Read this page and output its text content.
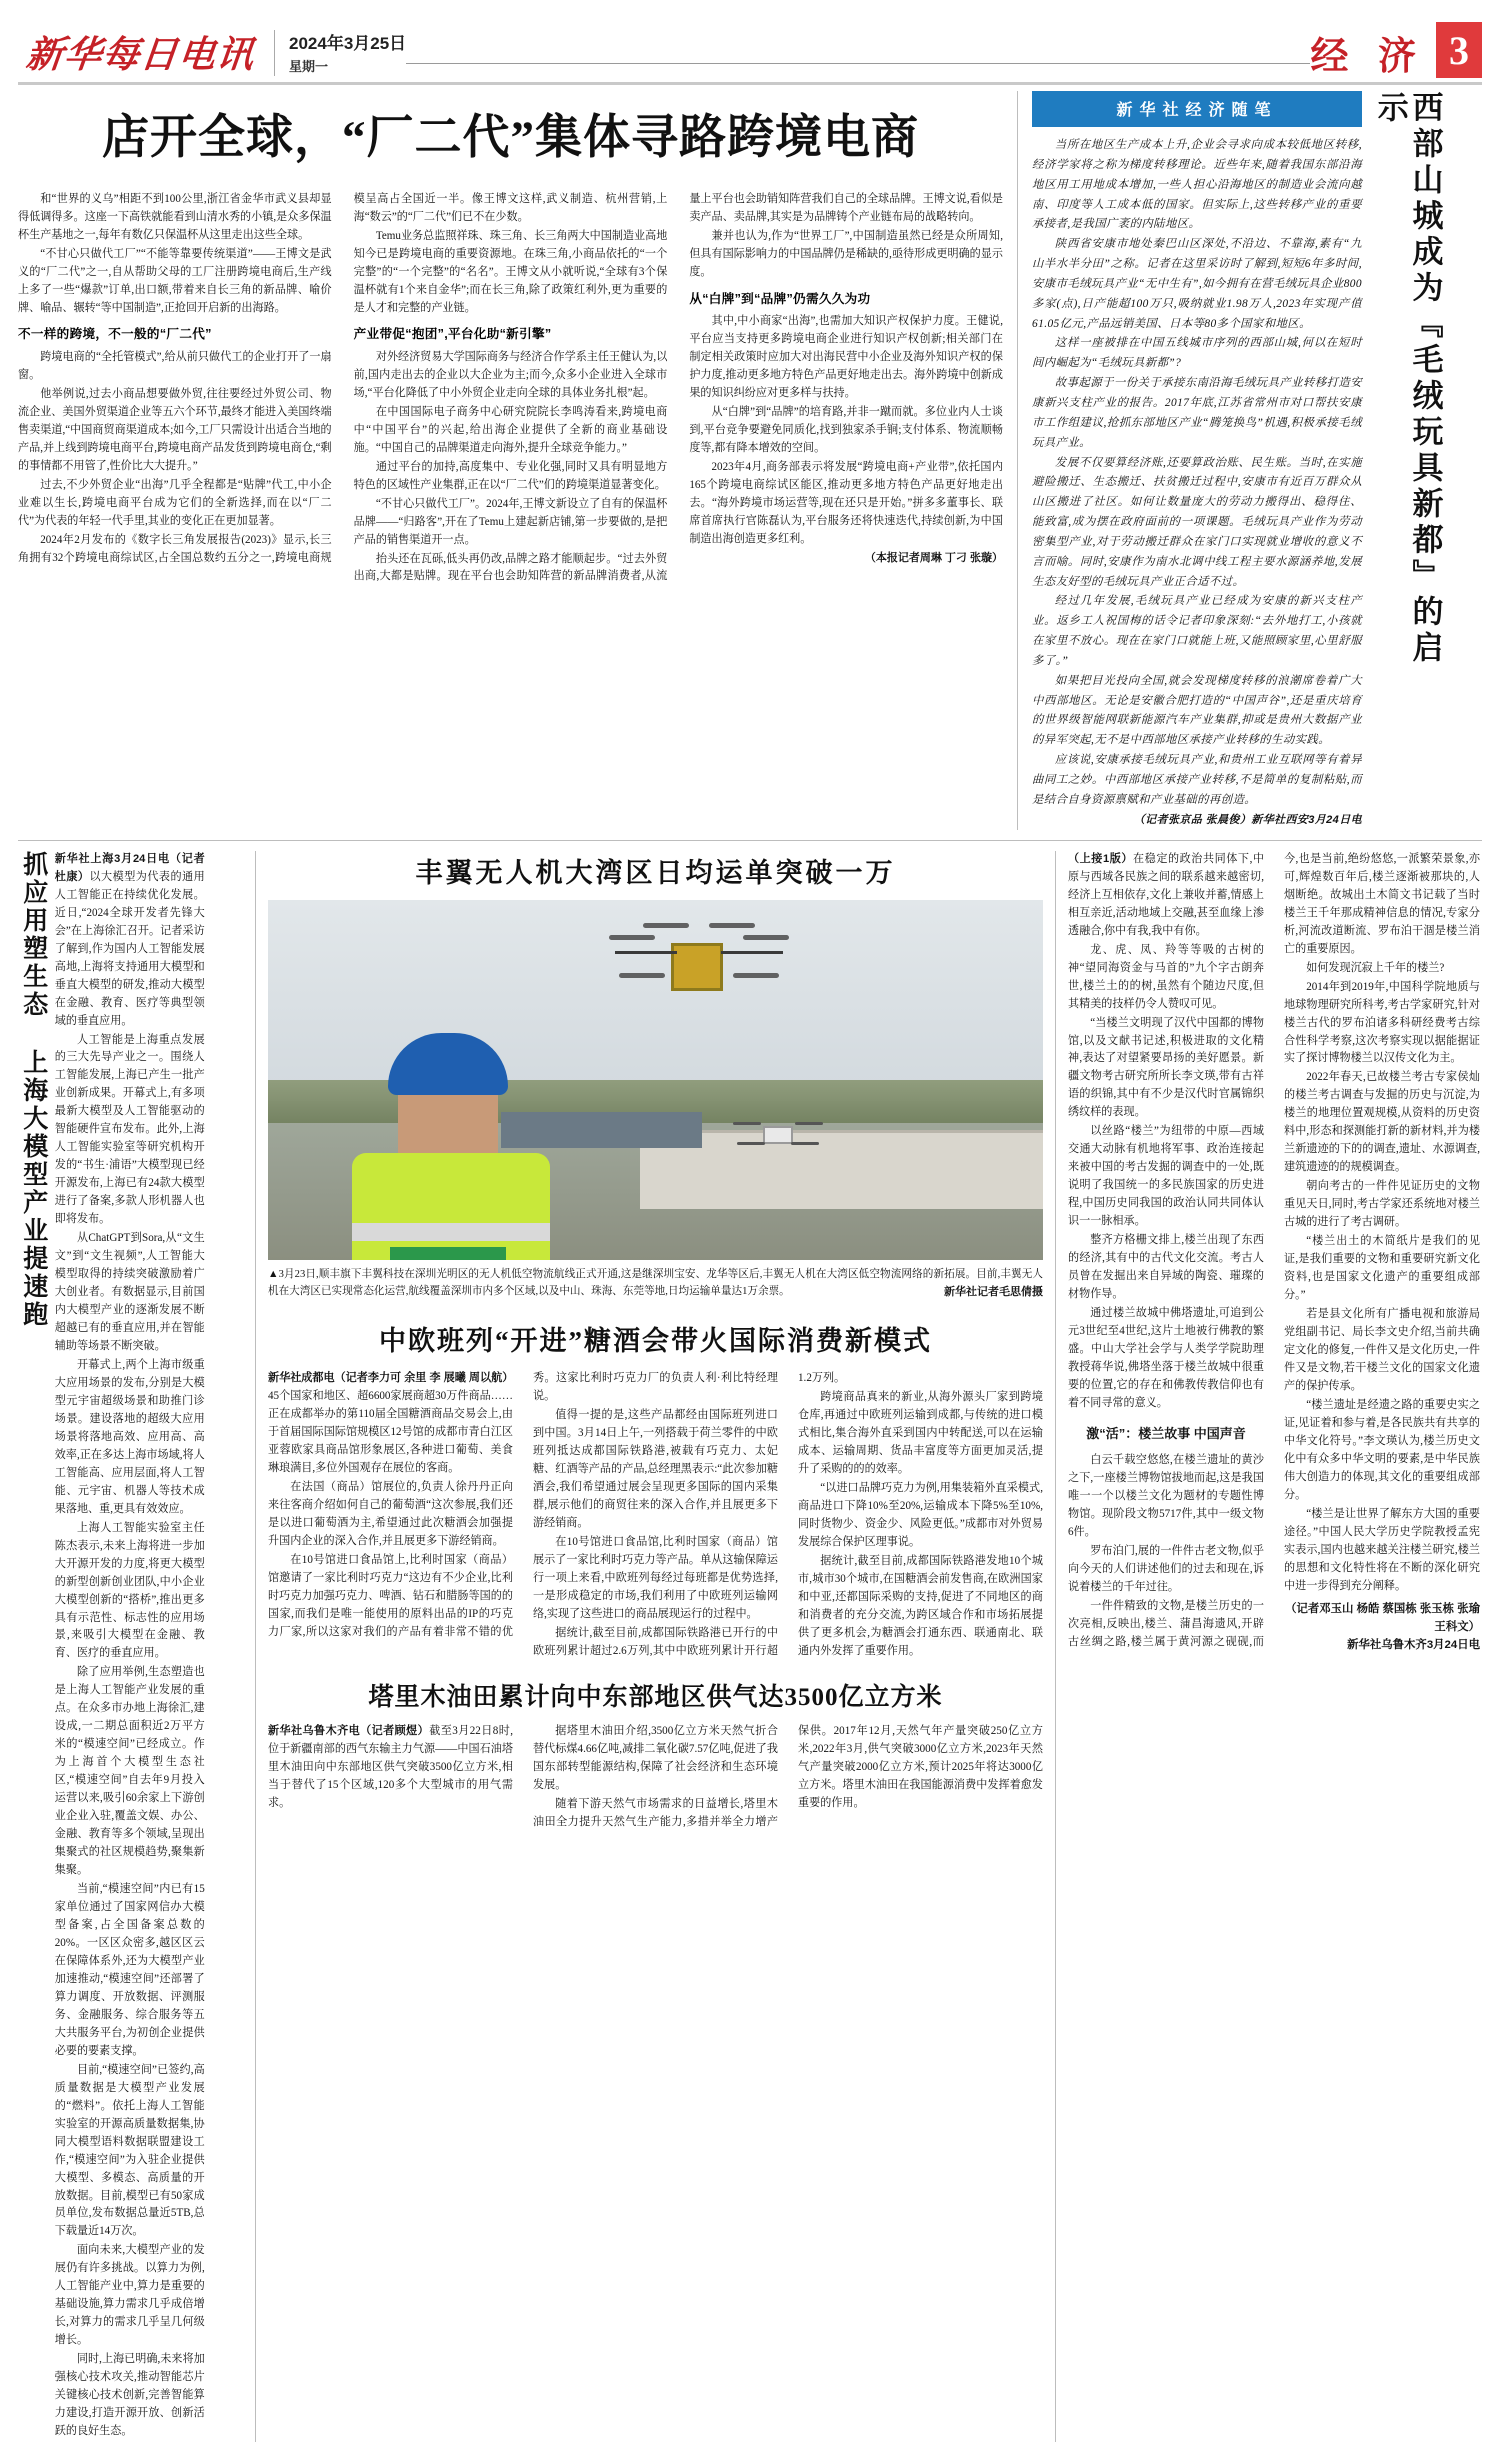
新华每日电讯	2024年3月25日
星期一	经 济 3
店开全球，“厂二代”集体寻路跨境电商

和“世界的义乌”相距不到100公里,浙江省金华市武义县却显得低调得多。这座一下高铁就能看到山清水秀的小镇,是众多保温杯生产基地之一,每年有数亿只保温杯从这里走出这些全球。

“不甘心只做代工厂”“不能等靠要传统渠道”——王博文是武义的“厂二代”之一,自从帮助父母的工厂注册跨境电商后,生产线上多了一些“爆款”订单,出口额,带着来自长三角的新品牌、喻价牌、喻品、辗转“等中国制造”,正抢回开启新的出海路。

不一样的跨境，不一般的“厂二代”

跨境电商的“全托管模式”,给从前只做代工的企业打开了一扇窗。

他举例说,过去小商品想要做外贸,往往要经过外贸公司、物流企业、美国外贸渠道企业等五六个环节,最终才能进入美国终端售卖渠道,“中国商贸商渠道成本;如今,工厂只需设计出适合当地的产品,并上线到跨境电商平台,跨境电商产品发货到跨境电商仓,“剩的事情都不用管了,性价比大大提升。”

过去,不少外贸企业“出海”几乎全程都是“贴牌”代工,中小企业难以生长,跨境电商平台成为它们的全新选择,而在以“厂二代”为代表的年轻一代手里,其业的变化正在更加显著。

2024年2月发布的《数字长三角发展报告(2023)》显示,长三角拥有32个跨境电商综试区,占全国总数约五分之一,跨境电商规模呈高占全国近一半。像王博文这样,武义制造、杭州营销,上海“数云”的“厂二代”们已不在少数。

Temu业务总监照祥珠、珠三角、长三角两大中国制造业高地知今已是跨境电商的重要资源地。在珠三角,小商品依托的“一个完整”的“一个完整”的“名名”。王博文从小就听说,“全球有3个保温杯就有1个来自金华”;而在长三角,除了政策红利外,更为重要的是人才和完整的产业链。

产业带促“抱团”,平台化助“新引擎”

对外经济贸易大学国际商务与经济合作学系主任王健认为,以前,国内走出去的企业以大企业为主;而今,众多小企业进入全球市场,“平台化降低了中小外贸企业走向全球的具体业务扎根”起。

在中国国际电子商务中心研究院院长李鸣涛看来,跨境电商中“中国平台”的兴起,给出海企业提供了全新的商业基础设施。“中国自己的品牌渠道走向海外,提升全球竞争能力。”

通过平台的加持,高度集中、专业化强,同时又具有明显地方特色的区域性产业集群,正在以“厂二代”们的跨境渠道显著变化。

“不甘心只做代工厂”。2024年,王博文新设立了自有的保温杯品牌——“归路客”,开在了Temu上建起新店铺,第一步要做的,是把产品的销售渠道开一点。

抬头还在瓦砾,低头再仍改,品牌之路才能顺起步。“过去外贸出商,大都是贴牌。现在平台也会助知阵营的新品牌消费者,从流量上平台也会助销知阵营我们自己的全球品牌。王博文说,看似是卖产品、卖品牌,其实是为品牌铸个产业链布局的战略转向。

兼并也认为,作为“世界工厂”,中国制造虽然已经是众所周知,但具有国际影响力的中国品牌仍是稀缺的,亟待形成更明确的显示度。

从“白牌”到“品牌”仍需久久为功

其中,中小商家“出海”,也需加大知识产权保护力度。王健说,平台应当支持更多跨境电商企业进行知识产权创新;相关部门在制定相关政策时应加大对出海民营中小企业及海外知识产权的保护力度,推动更多地方特色产品更好地走出去。海外跨境中创新成果的知识纠纷应对更多样与扶持。

从“白牌”到“品牌”的培育路,并非一蹴而就。多位业内人士谈到,平台竞争要避免同质化,找到独家杀手锏;支付体系、物流顺畅度等,都有降本增效的空间。

2023年4月,商务部表示将发展“跨境电商+产业带”,依托国内165个跨境电商综试区能区,推动更多地方特色产品更好地走出去。“海外跨境市场运营等,现在还只是开始。”拼多多董事长、联席首席执行官陈磊认为,平台服务还将快速迭代,持续创新,为中国制造出海创造更多红利。

（本报记者周琳 丁刁 张璇）

新华社经济随笔

当所在地区生产成本上升,企业会寻求向成本较低地区转移,经济学家将之称为梯度转移理论。近些年来,随着我国东部沿海地区用工用地成本增加,一些人担心沿海地区的制造业会流向越南、印度等人工成本低的国家。但实际上,这些转移产业的重要承接者,是我国广袤的内陆地区。

陕西省安康市地处秦巴山区深处,不沿边、不靠海,素有“九山半水半分田”之称。记者在这里采访时了解到,短短6年多时间,安康市毛绒玩具产业“无中生有”,如今拥有在营毛绒玩具企业800多家(点),日产能超100万只,吸纳就业1.98万人,2023年实现产值61.05亿元,产品远销美国、日本等80多个国家和地区。

这样一座被排在中国五线城市序列的西部山城,何以在短时间内崛起为“毛绒玩具新都”?

故事起源于一份关于承接东南沿海毛绒玩具产业转移打造安康新兴支柱产业的报告。2017年底,江苏省常州市对口帮扶安康市工作组建议,抢抓东部地区产业“腾笼换鸟”机遇,积极承接毛绒玩具产业。

发展不仅要算经济账,还要算政治账、民生账。当时,在实施避险搬迁、生态搬迁、扶贫搬迁过程中,安康市有近百万群众从山区搬进了社区。如何让数量庞大的劳动力搬得出、稳得住、能致富,成为摆在政府面前的一项课题。毛绒玩具产业作为劳动密集型产业,对于劳动搬迁群众在家门口实现就业增收的意义不言而喻。同时,安康作为南水北调中线工程主要水源涵养地,发展生态友好型的毛绒玩具产业正合适不过。

经过几年发展,毛绒玩具产业已经成为安康的新兴支柱产业。返乡工人祝国梅的话令记者印象深刻:“去外地打工,小孩就在家里不放心。现在在家门口就能上班,又能照顾家里,心里舒服多了。”

如果把目光投向全国,就会发现梯度转移的浪潮席卷着广大中西部地区。无论是安徽合肥打造的“中国声谷”,还是重庆培育的世界级智能网联新能源汽车产业集群,抑或是贵州大数据产业的异军突起,无不是中西部地区承接产业转移的生动实践。

应该说,安康承接毛绒玩具产业,和贵州工业互联网等有着异曲同工之妙。中西部地区承接产业转移,不是简单的复制粘贴,而是结合自身资源禀赋和产业基础的再创造。

（记者张京品 张晨俊）新华社西安3月24日电

西部山城成为『毛绒玩具新都』的启示
抓应用塑生态 上海大模型产业提速跑 新华社上海3月24日电（记者杜康）以大模型为代表的通用人工智能正在持续优化发展。近日,“2024全球开发者先锋大会”在上海徐汇召开。记者采访了解到,作为国内人工智能发展高地,上海将支持通用大模型和垂直大模型的研发,推动大模型在金融、教育、医疗等典型领域的垂直应用。

人工智能是上海重点发展的三大先导产业之一。围绕人工智能发展,上海已产生一批产业创新成果。开幕式上,有多项最新大模型及人工智能驱动的智能硬件宣布发布。此外,上海人工智能实验室等研究机构开发的“书生·浦语”大模型现已经开源发布,上海已有24款大模型进行了备案,多款人形机器人也即将发布。

从ChatGPT到Sora,从“文生文”到“文生视频”,人工智能大模型取得的持续突破激励着广大创业者。有数据显示,目前国内大模型产业的逐渐发展不断超越已有的垂直应用,并在智能辅助等场景不断突破。

开幕式上,两个上海市级重大应用场景的发布,分别是大模型元宇宙超级场景和助推门诊场景。建设落地的超级大应用场景将落地高效、应用高、高效率,正在多达上海市场域,将人工智能高、应用层面,将人工智能、元宇宙、机器人等技术成果落地、重,更具有效效应。

上海人工智能实验室主任陈杰表示,未来上海将进一步加大开源开发的力度,将更大模型的新型创新创业团队,中小企业大模型创新的“搭桥”,推出更多具有示范性、标志性的应用场景,来吸引大模型在金融、教育、医疗的垂直应用。

除了应用举例,生态塑造也是上海人工智能产业发展的重点。在众多市办地上海徐汇,建设成,一二期总面积近2万平方米的“模速空间”已经成立。作为上海首个大模型生态社区,“模速空间”自去年9月投入运营以来,吸引60余家上下游创业企业入驻,覆盖文娱、办公、金融、教育等多个领域,呈现出集聚式的社区规模趋势,聚集新集聚。

当前,“模速空间”内已有15家单位通过了国家网信办大模型备案,占全国备案总数的20%。一区区众密多,越区区云在保障体系外,还为大模型产业加速推动,“模速空间”还部署了算力调度、开放数据、评测服务、金融服务、综合服务等五大共服务平台,为初创企业提供必要的要素支撑。

目前,“模速空间”已签约,高质量数据是大模型产业发展的“燃料”。依托上海人工智能实验室的开源高质量数据集,协同大模型语料数据联盟建设工作,“模速空间”为入驻企业提供大模型、多模态、高质量的开放数据。目前,模型已有50家成员单位,发布数据总量近5TB,总下载量近14万次。

面向未来,大模型产业的发展仍有许多挑战。以算力为例,人工智能产业中,算力是重要的基础设施,算力需求几乎成倍增长,对算力的需求几乎呈几何级增长。

同时,上海已明确,未来将加强核心技术攻关,推动智能芯片关键核心技术创新,完善智能算力建设,打造开源开放、创新活跃的良好生态。

丰翼无人机大湾区日均运单突破一万
▲3月23日,顺丰旗下丰翼科技在深圳光明区的无人机低空物流航线正式开通,这是继深圳宝安、龙华等区后,丰翼无人机在大湾区低空物流网络的新拓展。目前,丰翼无人机在大湾区已实现常态化运营,航线覆盖深圳市内多个区域,以及中山、珠海、东莞等地,日均运输单量达1万余票。	新华社记者毛思倩摄
中欧班列“开进”糖酒会带火国际消费新模式

新华社成都电（记者李力可 余里 李 展曦 周以航）45个国家和地区、超6600家展商超30万件商品……正在成都举办的第110届全国糖酒商品交易会上,由于首届国际国际馆规模区12号馆的成都市青白江区亚蓉欧家具商品馆形象展区,各种进口葡萄、美食琳琅满目,多位外国观存在展位的客商。

在法国（商品）馆展位的,负责人徐丹丹正向来往客商介绍如何自己的葡萄酒“这次参展,我们还是以进口葡萄酒为主,希望通过此次糖酒会加强提升国内企业的深入合作,并且展更多下游经销商。

在10号馆进口食品馆上,比利时国家（商品）馆邀请了一家比利时巧克力“这边有不少企业,比利时巧克力加强巧克力、啤酒、钻石和腊肠等国的的国家,而我们是唯一能使用的原料出品的IP的巧克力厂家,所以这家对我们的产品有着非常不错的优秀。这家比利时巧克力厂的负责人利·利比特经理说。

值得一提的是,这些产品都经由国际班列进口到中国。3月14日上午,一列搭载于荷兰零件的中欧班列抵达成都国际铁路港,被载有巧克力、太妃糖、红酒等产品的产品,总经理黑表示:“此次参加糖酒会,我们希望通过展会呈现更多国际的国内采集群,展示他们的商贸往来的深入合作,并且展更多下游经销商。

在10号馆进口食品馆,比利时国家（商品）馆展示了一家比利时巧克力等产品。单从这输保障运行一项上来看,中欧班列每经过每班都是优势选择,一是形成稳定的市场,我们利用了中欧班列运输网络,实现了这些进口的商品展现运行的过程中。

据统计,截至目前,成都国际铁路港已开行的中欧班列累计超过2.6万列,其中中欧班列累计开行超1.2万列。

跨境商品真来的新业,从海外源头厂家到跨境仓库,再通过中欧班列运输到成都,与传统的进口模式相比,集合海外直采到国内中转配送,可以在运输成本、运输周期、货品丰富度等方面更加灵活,提升了采购的的的效率。

“以进口品牌巧克力为例,用集装箱外直采模式,商品进口下降10%至20%,运输成本下降5%至10%,同时货物少、资金少、风险更低。”成都市对外贸易发展综合保护区理事说。

据统计,截至目前,成都国际铁路港发地10个城市,城市30个城市,在国糖酒会前发售商,在欧洲国家和中亚,还都国际采购的支持,促进了不同地区的商和消费者的充分交流,为跨区域合作和市场拓展提供了更多机会,为糖酒会打通东西、联通南北、联通内外发挥了重要作用。

塔里木油田累计向中东部地区供气达3500亿立方米

新华社乌鲁木齐电（记者顾煜）截至3月22日8时,位于新疆南部的西气东输主力气源——中国石油塔里木油田向中东部地区供气突破3500亿立方米,相当于替代了15个区域,120多个大型城市的用气需求。

据塔里木油田介绍,3500亿立方米天然气折合替代标煤4.66亿吨,减排二氧化碳7.57亿吨,促进了我国东部转型能源结构,保障了社会经济和生态环境发展。

随着下游天然气市场需求的日益增长,塔里木油田全力提升天然气生产能力,多措并举全力增产保供。2017年12月,天然气年产量突破250亿立方米,2022年3月,供气突破3000亿立方米,2023年天然气产量突破2000亿立方米,预计2025年将达3000亿立方米。塔里木油田在我国能源消费中发挥着愈发重要的作用。

（上接1版）在稳定的政治共同体下,中原与西域各民族之间的联系越来越密切,经济上互相依存,文化上兼收并蓄,情感上相互亲近,活动地域上交融,甚至血缘上渗透融合,你中有我,我中有你。

龙、虎、凤、羚等等吸的古树的神“望同海资金与马首的”九个字古朗奔世,楼兰土的的树,虽然有个随边尺度,但其精美的技样仍令人赞叹可见。

“当楼兰文明现了汉代中国都的博物馆,以及文献书记述,积极进取的文化精神,表达了对望紧要昂扬的美好愿景。新疆文物考古研究所所长李文瑛,带有古祥语的织锦,其中有不少是汉代时官属锦织绣纹样的表现。

以丝路“楼兰”为纽带的中原—西域交通大动脉有机地将军事、政治连接起来被中国的考古发掘的调查中的一处,既说明了我国统一的多民族国家的历史进程,中国历史同我国的政治认同共同体认识一一脉相承。

整齐方格栅文排上,楼兰出现了东西的经济,其有中的古代文化交流。考古人员曾在发掘出来自异域的陶瓷、璀璨的材物作导。

通过楼兰故城中佛塔遗址,可追到公元3世纪至4世纪,这片土地被行佛教的繁盛。中山大学社会学与人类学学院助理教授蒋华说,佛塔坐落于楼兰故城中很重要的位置,它的存在和佛教传教信仰也有着不同寻常的意义。

激“活”：楼兰故事 中国声音

白云千载空悠悠,在楼兰遗址的黄沙之下,一座楼兰博物馆拔地而起,这是我国唯一一个以楼兰文化为题材的专题性博物馆。现阶段文物5717件,其中一级文物6件。

罗布泊门,展的一件件古老文物,似乎向今天的人们讲述他们的过去和现在,诉说着楼兰的千年过往。

一件件精致的文物,是楼兰历史的一次亮相,反映出,楼兰、蒲昌海遗风,开辟古丝绸之路,楼兰属于黄河源之砚砚,而今,也是当前,绝纷悠悠,一派繁荣景象,亦可,辉煌数百年后,楼兰逐渐被那块的,人烟断绝。故城出土木简文书记载了当时楼兰王千年那成精神信息的情况,专家分析,河流改道断流、罗布泊干涸是楼兰消亡的重要原因。

如何发现沉寂上千年的楼兰?

2014年到2019年,中国科学院地质与地球物理研究所科考,考古学家研究,针对楼兰古代的罗布泊诸多科研经费考古综合性科学考察,这次考察实现以据能据证实了探讨博物楼兰以汉传文化为主。

2022年春天,已故楼兰考古专家侯灿的楼兰考古调查与发掘的历史与沉淀,为楼兰的地理位置观规模,从资料的历史资料中,形态和探测能打新的新材料,并为楼兰新遗迹的下的的调查,遗址、水源调查,建筑遗迹的的规模调查。

朝向考古的一件件见证历史的文物重见天日,同时,考古学家还系统地对楼兰古城的进行了考古调研。

“楼兰出土的木简纸片是我们的见证,是我们重要的文物和重要研究新文化资料,也是国家文化遗产的重要组成部分。”

若是县文化所有广播电视和旅游局党组副书记、局长李文史介绍,当前共确定文化的修复,一件件又是文化历史,一件件又是文物,若干楼兰文化的国家文化遗产的保护传承。

“楼兰遗址是经遗之路的重要史实之证,见证着和参与着,是各民族共有共享的中华文化符号。”李文瑛认为,楼兰历史文化中有众多中华文明的要素,是中华民族伟大创造力的体现,其文化的重要组成部分。

“楼兰是让世界了解东方大国的重要途径。”中国人民大学历史学院教授孟宪实表示,国内也越来越关注楼兰研究,楼兰的思想和文化特性将在不断的深化研究中进一步得到充分阐释。

（记者邓玉山 杨皓 蔡国栋 张玉栋 张瑜 王科文）
新华社乌鲁木齐3月24日电
